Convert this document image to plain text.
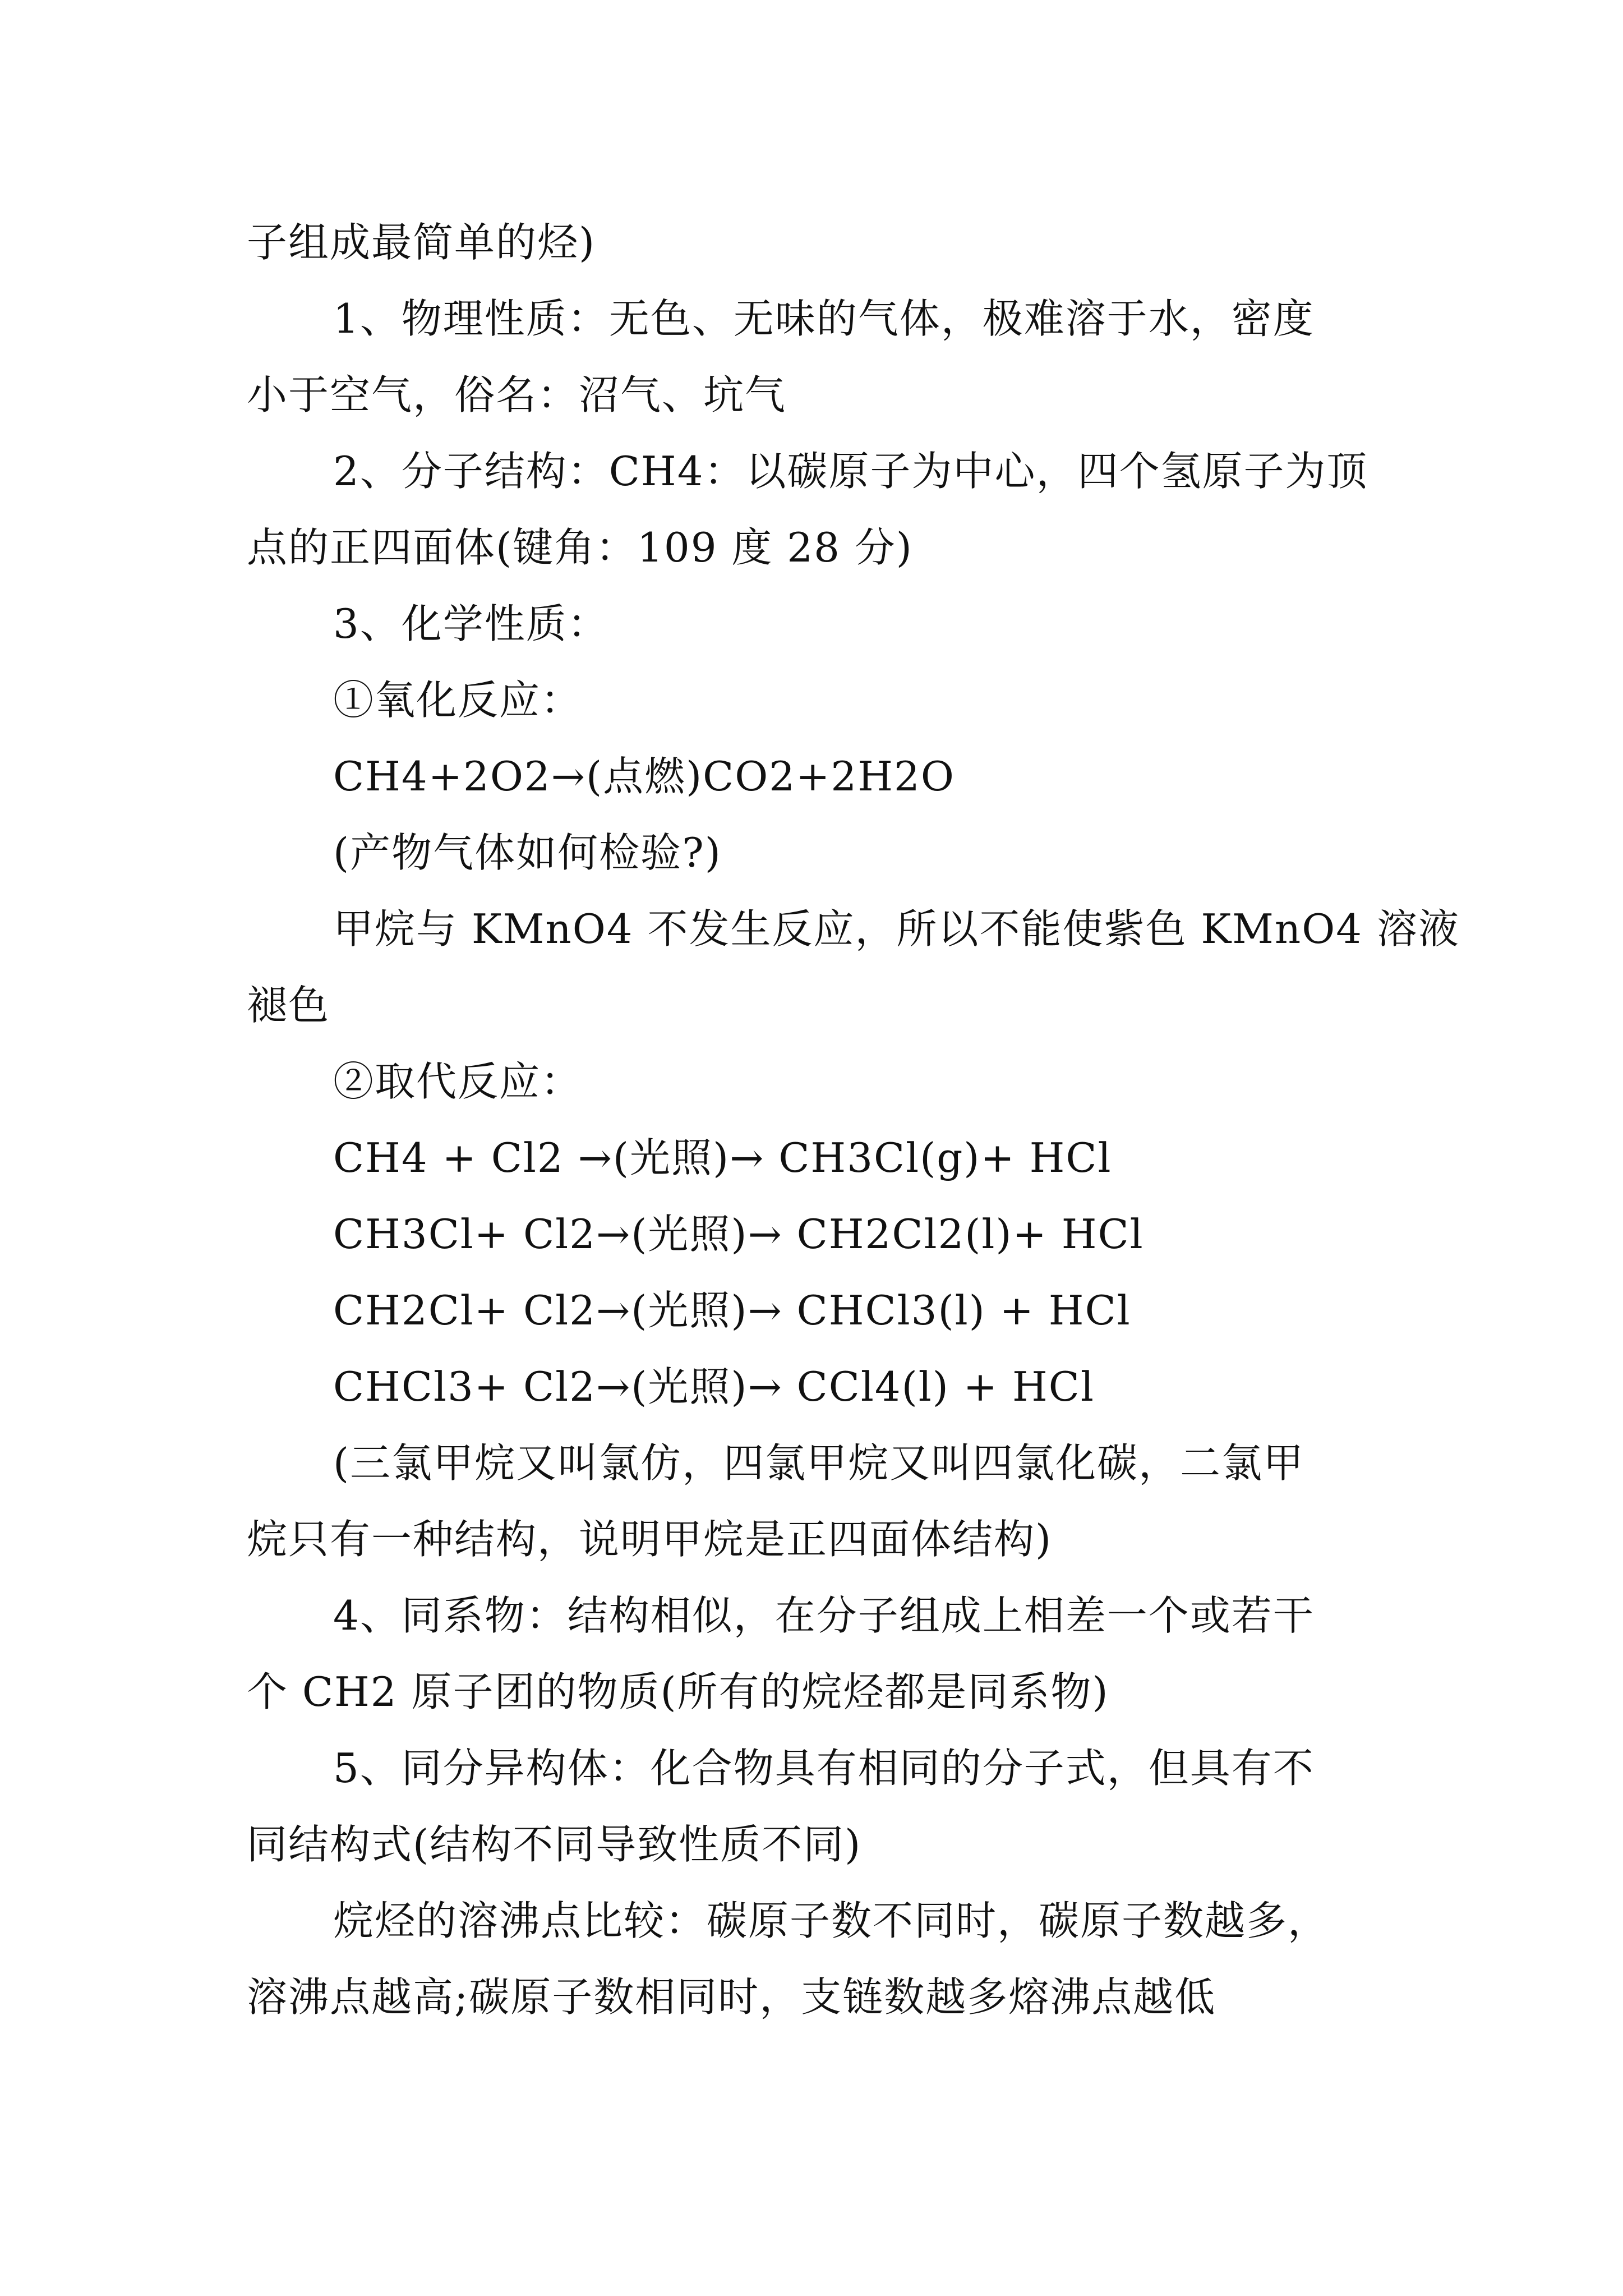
子组成最简单的烃)
1、物理性质：无色、无味的气体，极难溶于水，密度
小于空气，俗名：沼气、坑气
2、分子结构：CH4：以碳原子为中心，四个氢原子为顶
点的正四面体(键角：109 度 28 分)
3、化学性质：
①氧化反应：
CH4+2O2→(点燃)CO2+2H2O
(产物气体如何检验?)
甲烷与 KMnO4 不发生反应，所以不能使紫色 KMnO4 溶液
褪色
②取代反应：
CH4 + Cl2 →(光照)→ CH3Cl(g)+ HCl
CH3Cl+ Cl2→(光照)→ CH2Cl2(l)+ HCl
CH2Cl+ Cl2→(光照)→ CHCl3(l) + HCl
CHCl3+ Cl2→(光照)→ CCl4(l) + HCl
(三氯甲烷又叫氯仿，四氯甲烷又叫四氯化碳，二氯甲
烷只有一种结构，说明甲烷是正四面体结构)
4、同系物：结构相似，在分子组成上相差一个或若干
个 CH2 原子团的物质(所有的烷烃都是同系物)
5、同分异构体：化合物具有相同的分子式，但具有不
同结构式(结构不同导致性质不同)
烷烃的溶沸点比较：碳原子数不同时，碳原子数越多，
溶沸点越高;碳原子数相同时，支链数越多熔沸点越低
